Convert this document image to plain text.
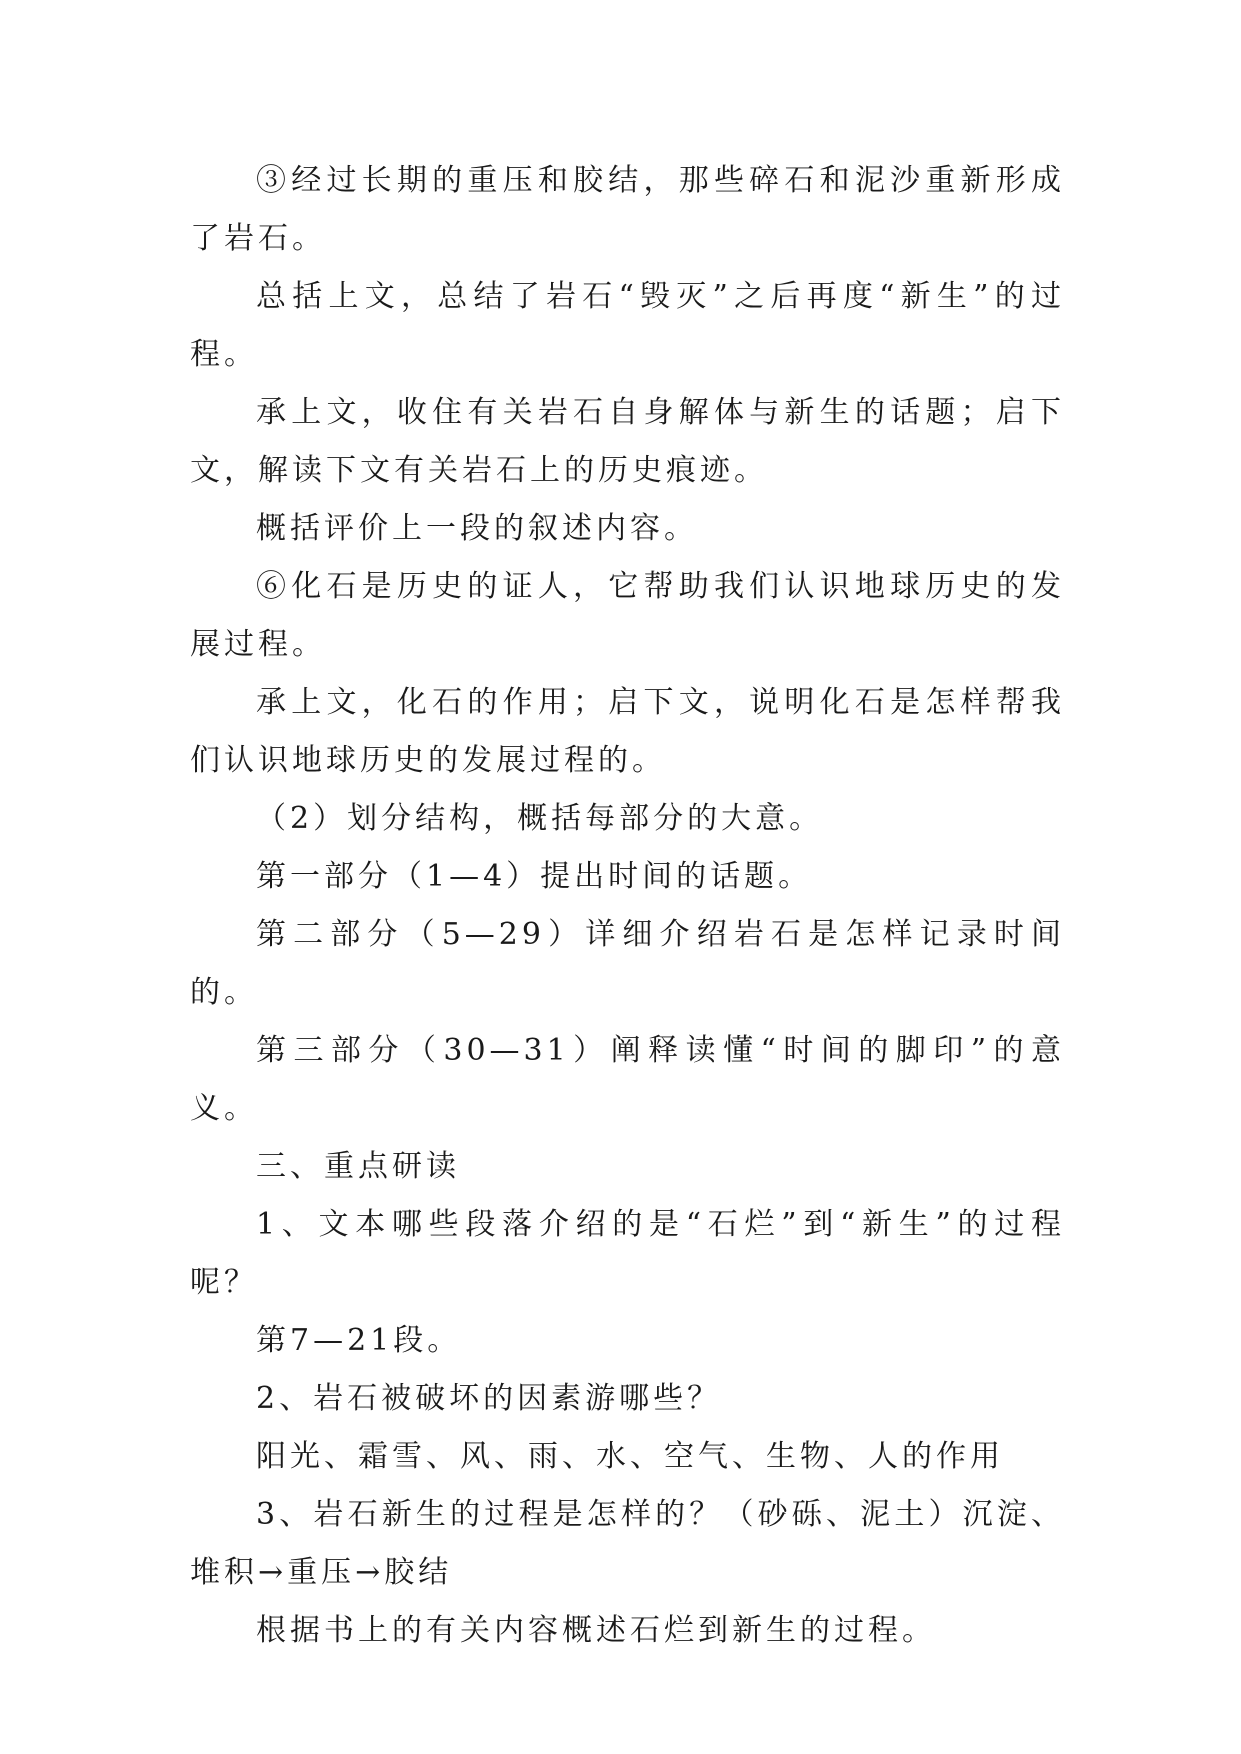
③经过长期的重压和胶结，那些碎石和泥沙重新形成了岩石。

总括上文，总结了岩石“毁灭”之后再度“新生”的过程。

承上文，收住有关岩石自身解体与新生的话题；启下文，解读下文有关岩石上的历史痕迹。

概括评价上一段的叙述内容。

⑥化石是历史的证人，它帮助我们认识地球历史的发展过程。

承上文，化石的作用；启下文，说明化石是怎样帮我们认识地球历史的发展过程的。

（2）划分结构，概括每部分的大意。

第一部分（1—4）提出时间的话题。

第二部分（5—29）详细介绍岩石是怎样记录时间的。

第三部分（30—31）阐释读懂“时间的脚印”的意义。

三、重点研读

1、文本哪些段落介绍的是“石烂”到“新生”的过程呢？

第7—21段。

2、岩石被破坏的因素游哪些？

阳光、霜雪、风、雨、水、空气、生物、人的作用

3、岩石新生的过程是怎样的？（砂砾、泥土）沉淀、堆积→重压→胶结

根据书上的有关内容概述石烂到新生的过程。
